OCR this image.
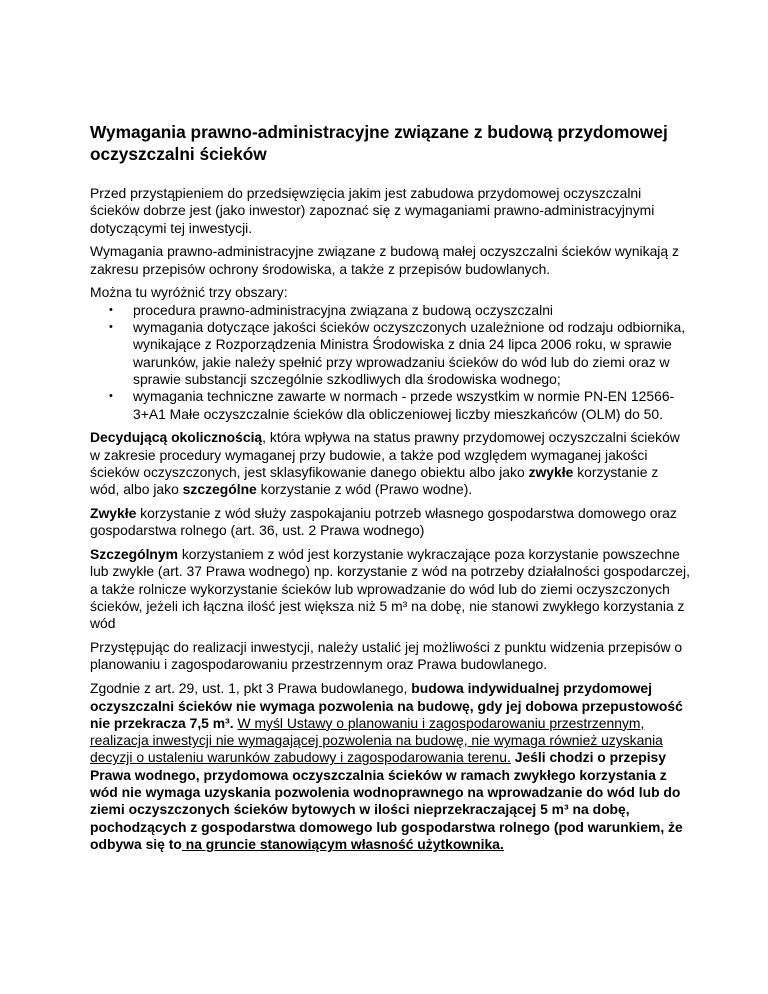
Wymagania prawno-administracyjne związane z budową przydomowej oczyszczalni ścieków

Przed przystąpieniem do przedsięwzięcia jakim jest zabudowa przydomowej oczyszczalni ścieków dobrze jest (jako inwestor) zapoznać się z wymaganiami prawno-administracyjnymi dotyczącymi tej inwestycji.

Wymagania prawno-administracyjne związane z budową małej oczyszczalni ścieków wynikają z zakresu przepisów ochrony środowiska, a także z przepisów budowlanych.

Można tu wyróżnić trzy obszary:

• procedura prawno-administracyjna związana z budową oczyszczalni
• wymagania dotyczące jakości ścieków oczyszczonych uzależnione od rodzaju odbiornika, wynikające z Rozporządzenia Ministra Środowiska z dnia 24 lipca 2006 roku, w sprawie warunków, jakie należy spełnić przy wprowadzaniu ścieków do wód lub do ziemi oraz w sprawie substancji szczególnie szkodliwych dla środowiska wodnego;
• wymagania techniczne zawarte w normach - przede wszystkim w normie PN-EN 12566-3+A1 Małe oczyszczalnie ścieków dla obliczeniowej liczby mieszkańców (OLM) do 50.

Decydującą okolicznością, która wpływa na status prawny przydomowej oczyszczalni ścieków w zakresie procedury wymaganej przy budowie, a także pod względem wymaganej jakości ścieków oczyszczonych, jest sklasyfikowanie danego obiektu albo jako zwykłe korzystanie z wód, albo jako szczególne korzystanie z wód (Prawo wodne).

Zwykłe korzystanie z wód służy zaspokajaniu potrzeb własnego gospodarstwa domowego oraz gospodarstwa rolnego (art. 36, ust. 2 Prawa wodnego)

Szczególnym korzystaniem z wód jest korzystanie wykraczające poza korzystanie powszechne lub zwykłe (art. 37 Prawa wodnego) np. korzystanie z wód na potrzeby działalności gospodarczej, a także rolnicze wykorzystanie ścieków lub wprowadzanie do wód lub do ziemi oczyszczonych ścieków, jeżeli ich łączna ilość jest większa niż 5 m³ na dobę, nie stanowi zwykłego korzystania z wód

Przystępując do realizacji inwestycji, należy ustalić jej możliwości z punktu widzenia przepisów o planowaniu i zagospodarowaniu przestrzennym oraz Prawa budowlanego.

Zgodnie z art. 29, ust. 1, pkt 3 Prawa budowlanego, budowa indywidualnej przydomowej oczyszczalni ścieków nie wymaga pozwolenia na budowę, gdy jej dobowa przepustowość nie przekracza 7,5 m³. W myśl Ustawy o planowaniu i zagospodarowaniu przestrzennym, realizacja inwestycji nie wymagającej pozwolenia na budowę, nie wymaga również uzyskania decyzji o ustaleniu warunków zabudowy i zagospodarowania terenu. Jeśli chodzi o przepisy Prawa wodnego, przydomowa oczyszczalnia ścieków w ramach zwykłego korzystania z wód nie wymaga uzyskania pozwolenia wodnoprawnego na wprowadzanie do wód lub do ziemi oczyszczonych ścieków bytowych w ilości nieprzekraczającej 5 m³ na dobę, pochodzących z gospodarstwa domowego lub gospodarstwa rolnego (pod warunkiem, że odbywa się to na gruncie stanowiącym własność użytkownika.
